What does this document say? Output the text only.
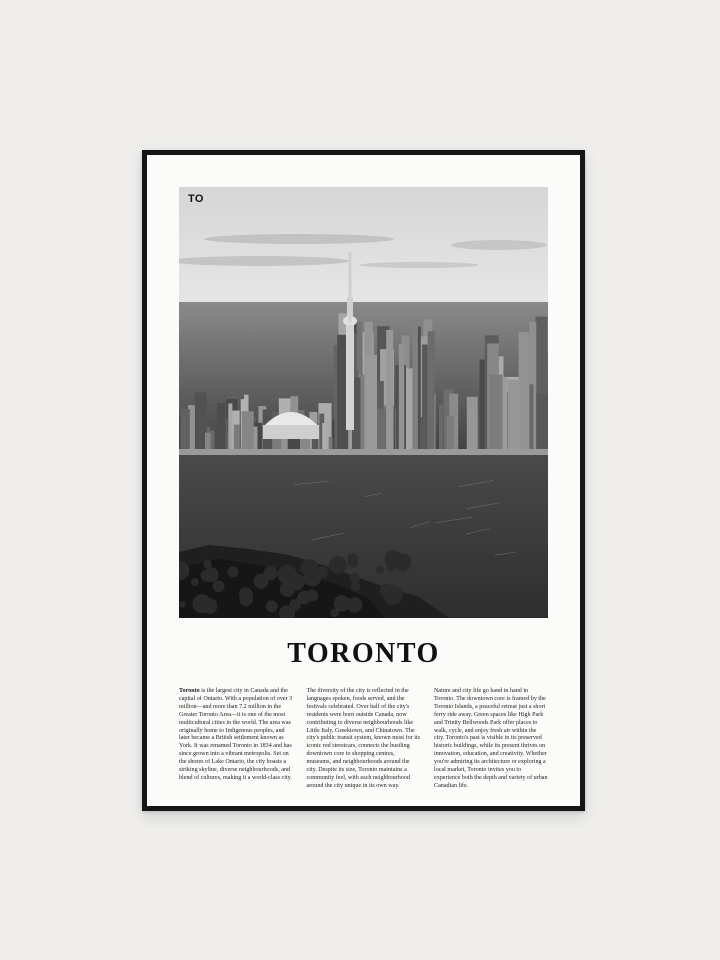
TO
TORONTO
Toronto is the largest city in Canada and the capital of Ontario. With a population of over 3 million—and more than 7.2 million in the Greater Toronto Area—it is one of the most multicultural cities in the world. The area was originally home to Indigenous peoples, and later became a British settlement known as York. It was renamed Toronto in 1834 and has since grown into a vibrant metropolis. Set on the shores of Lake Ontario, the city boasts a striking skyline, diverse neighbourhoods, and blend of cultures, making it a world-class city.
The diversity of the city is reflected in the languages spoken, foods served, and the festivals celebrated. Over half of the city's residents were born outside Canada, now contributing to diverse neighbourhoods like Little Italy, Greektown, and Chinatown. The city's public transit system, known most for its iconic red streetcars, connects the bustling downtown core to shopping centres, museums, and neighbourhoods around the city. Despite its size, Toronto maintains a community feel, with each neighbourhood around the city unique in its own way.
Nature and city life go hand in hand in Toronto. The downtown core is framed by the Toronto Islands, a peaceful retreat just a short ferry ride away. Green spaces like High Park and Trinity Bellwoods Park offer places to walk, cycle, and enjoy fresh air within the city. Toronto's past is visible in its preserved historic buildings, while its present thrives on innovation, education, and creativity. Whether you're admiring its architecture or exploring a local market, Toronto invites you to experience both the depth and variety of urban Canadian life.
